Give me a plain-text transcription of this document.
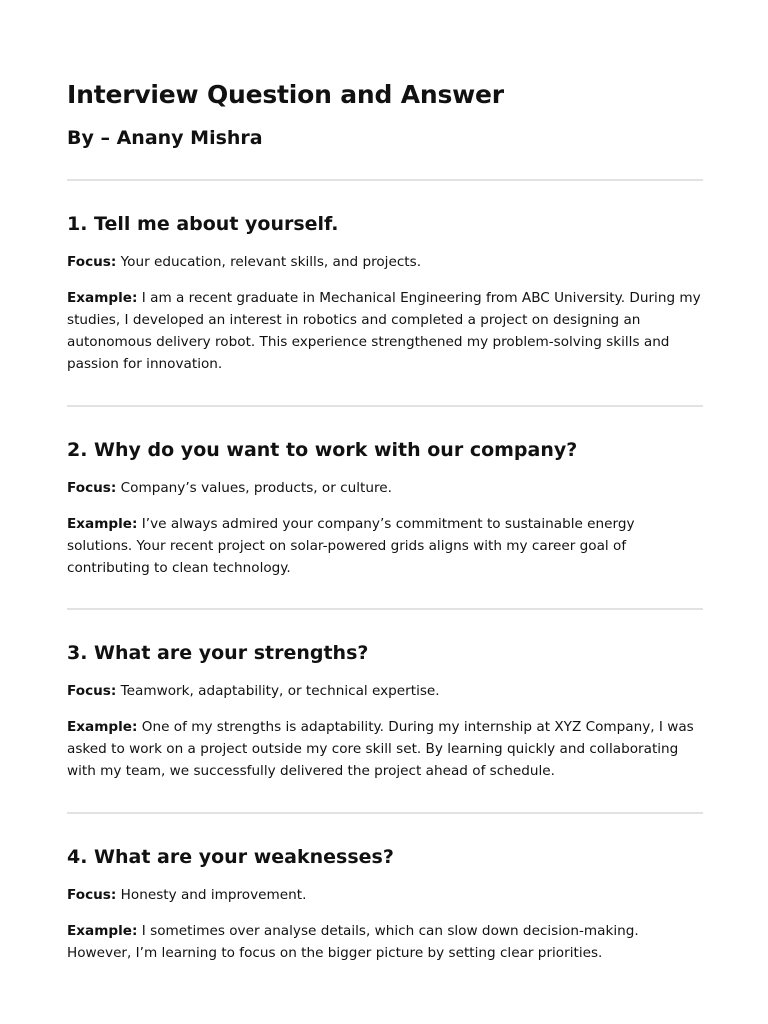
Interview Question and Answer
By – Anany Mishra
1. Tell me about yourself.

Focus: Your education, relevant skills, and projects.

Example: I am a recent graduate in Mechanical Engineering from ABC University. During my studies, I developed an interest in robotics and completed a project on designing an autonomous delivery robot. This experience strengthened my problem-solving skills and passion for innovation.

2. Why do you want to work with our company?

Focus: Company’s values, products, or culture.

Example: I’ve always admired your company’s commitment to sustainable energy solutions. Your recent project on solar-powered grids aligns with my career goal of contributing to clean technology.

3. What are your strengths?

Focus: Teamwork, adaptability, or technical expertise.

Example: One of my strengths is adaptability. During my internship at XYZ Company, I was asked to work on a project outside my core skill set. By learning quickly and collaborating with my team, we successfully delivered the project ahead of schedule.

4. What are your weaknesses?

Focus: Honesty and improvement.

Example: I sometimes over analyse details, which can slow down decision-making. However, I’m learning to focus on the bigger picture by setting clear priorities.
